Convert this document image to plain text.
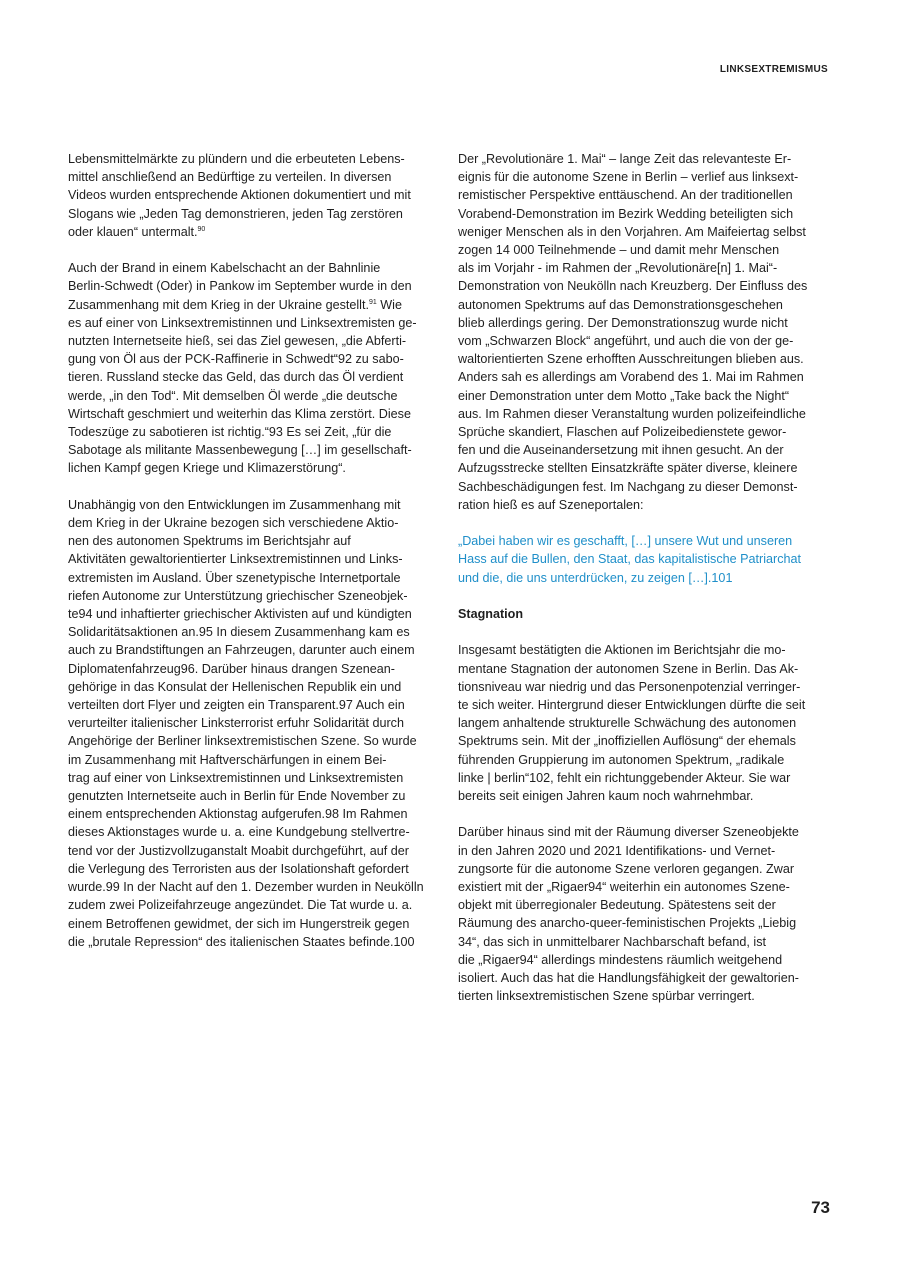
LINKSEXTREMISMUS

Lebensmittelmärkte zu plündern und die erbeuteten Lebens-
mittel anschließend an Bedürftige zu verteilen. In diversen
Videos wurden entsprechende Aktionen dokumentiert und mit
Slogans wie „Jeden Tag demonstrieren, jeden Tag zerstören
oder klauen“ untermalt.$^{90}$

Auch der Brand in einem Kabelschacht an der Bahnlinie
Berlin-Schwedt (Oder) in Pankow im September wurde in den
Zusammenhang mit dem Krieg in der Ukraine gestellt.$^{91}$ Wie
es auf einer von Linksextremistinnen und Linksextremisten ge-
nutzten Internetseite hieß, sei das Ziel gewesen, „die Abferti-
gung von Öl aus der PCK-Raffinerie in Schwedt“92 zu sabo-
tieren. Russland stecke das Geld, das durch das Öl verdient
werde, „in den Tod“. Mit demselben Öl werde „die deutsche
Wirtschaft geschmiert und weiterhin das Klima zerstört. Diese
Todeszüge zu sabotieren ist richtig.“93 Es sei Zeit, „für die
Sabotage als militante Massenbewegung […] im gesellschaft-
lichen Kampf gegen Kriege und Klimazerstörung“.

Unabhängig von den Entwicklungen im Zusammenhang mit
dem Krieg in der Ukraine bezogen sich verschiedene Aktio-
nen des autonomen Spektrums im Berichtsjahr auf
Aktivitäten gewaltorientierter Linksextremistinnen und Links-
extremisten im Ausland. Über szenetypische Internetportale
riefen Autonome zur Unterstützung griechischer Szeneobjek-
te94 und inhaftierter griechischer Aktivisten auf und kündigten
Solidaritätsaktionen an.95 In diesem Zusammenhang kam es
auch zu Brandstiftungen an Fahrzeugen, darunter auch einem
Diplomatenfahrzeug96. Darüber hinaus drangen Szenean-
gehörige in das Konsulat der Hellenischen Republik ein und
verteilten dort Flyer und zeigten ein Transparent.97 Auch ein
verurteilter italienischer Linksterrorist erfuhr Solidarität durch
Angehörige der Berliner linksextremistischen Szene. So wurde
im Zusammenhang mit Haftverschärfungen in einem Bei-
trag auf einer von Linksextremistinnen und Linksextremisten
genutzten Internetseite auch in Berlin für Ende November zu
einem entsprechenden Aktionstag aufgerufen.98 Im Rahmen
dieses Aktionstages wurde u. a. eine Kundgebung stellvertre-
tend vor der Justizvollzuganstalt Moabit durchgeführt, auf der
die Verlegung des Terroristen aus der Isolationshaft gefordert
wurde.99 In der Nacht auf den 1. Dezember wurden in Neukölln
zudem zwei Polizeifahrzeuge angezündet. Die Tat wurde u. a.
einem Betroffenen gewidmet, der sich im Hungerstreik gegen
die „brutale Repression“ des italienischen Staates befinde.100

Der „Revolutionäre 1. Mai“ – lange Zeit das relevanteste Er-
eignis für die autonome Szene in Berlin – verlief aus linksext-
remistischer Perspektive enttäuschend. An der traditionellen
Vorabend-Demonstration im Bezirk Wedding beteiligten sich
weniger Menschen als in den Vorjahren. Am Maifeiertag selbst
zogen 14 000 Teilnehmende – und damit mehr Menschen
als im Vorjahr - im Rahmen der „Revolutionäre[n] 1. Mai“-
Demonstration von Neukölln nach Kreuzberg. Der Einfluss des
autonomen Spektrums auf das Demonstrationsgeschehen
blieb allerdings gering. Der Demonstrationszug wurde nicht
vom „Schwarzen Block“ angeführt, und auch die von der ge-
waltorientierten Szene erhofften Ausschreitungen blieben aus.
Anders sah es allerdings am Vorabend des 1. Mai im Rahmen
einer Demonstration unter dem Motto „Take back the Night“
aus. Im Rahmen dieser Veranstaltung wurden polizeifeindliche
Sprüche skandiert, Flaschen auf Polizeibedienstete gewor-
fen und die Auseinandersetzung mit ihnen gesucht. An der
Aufzugsstrecke stellten Einsatzkräfte später diverse, kleinere
Sachbeschädigungen fest. Im Nachgang zu dieser Demonst-
ration hieß es auf Szeneportalen:

„Dabei haben wir es geschafft, […] unsere Wut und unseren
Hass auf die Bullen, den Staat, das kapitalistische Patriarchat
und die, die uns unterdrücken, zu zeigen […].101

Stagnation

Insgesamt bestätigten die Aktionen im Berichtsjahr die mo-
mentane Stagnation der autonomen Szene in Berlin. Das Ak-
tionsniveau war niedrig und das Personenpotenzial verringer-
te sich weiter. Hintergrund dieser Entwicklungen dürfte die seit
langem anhaltende strukturelle Schwächung des autonomen
Spektrums sein. Mit der „inoffiziellen Auflösung“ der ehemals
führenden Gruppierung im autonomen Spektrum, „radikale
linke | berlin“102, fehlt ein richtunggebender Akteur. Sie war
bereits seit einigen Jahren kaum noch wahrnehmbar.

Darüber hinaus sind mit der Räumung diverser Szeneobjekte
in den Jahren 2020 und 2021 Identifikations- und Vernet-
zungsorte für die autonome Szene verloren gegangen. Zwar
existiert mit der „Rigaer94“ weiterhin ein autonomes Szene-
objekt mit überregionaler Bedeutung. Spätestens seit der
Räumung des anarcho-queer-feministischen Projekts „Liebig
34“, das sich in unmittelbarer Nachbarschaft befand, ist
die „Rigaer94“ allerdings mindestens räumlich weitgehend
isoliert. Auch das hat die Handlungsfähigkeit der gewaltorien-
tierten linksextremistischen Szene spürbar verringert.

73
